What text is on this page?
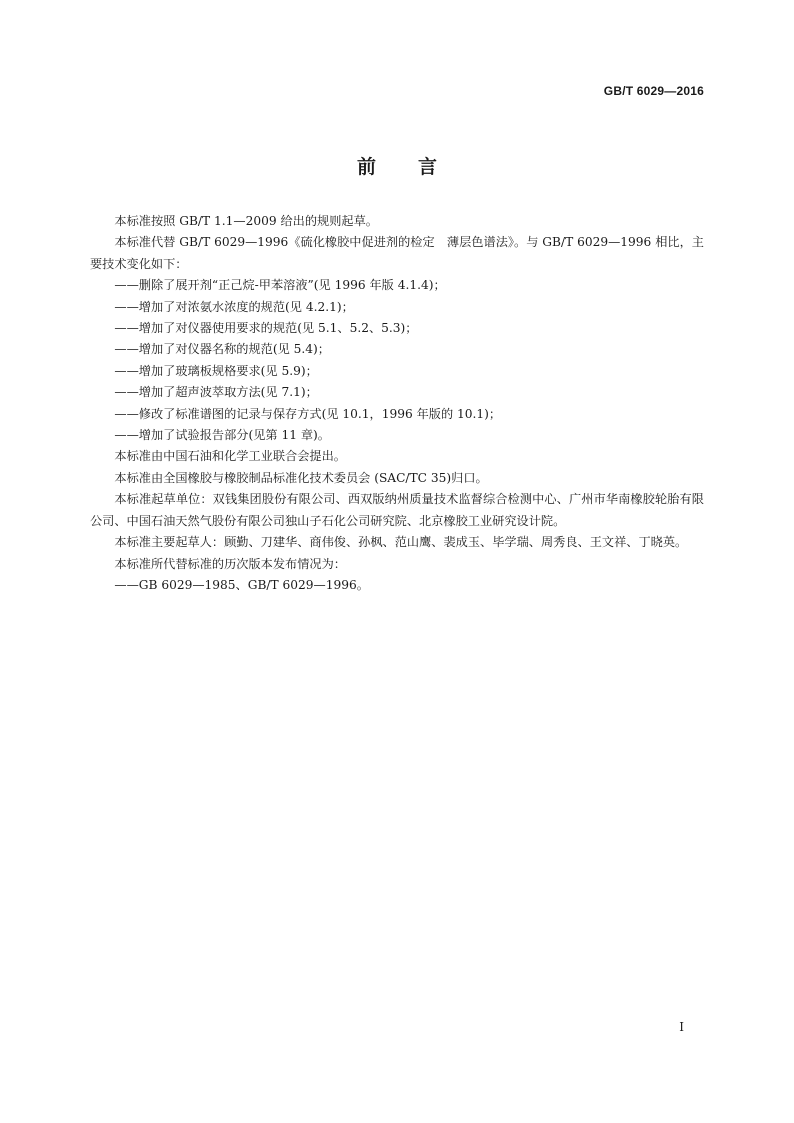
GB/T 6029—2016
前 言

本标准按照 GB/T 1.1—2009 给出的规则起草。

本标准代替 GB/T 6029—1996《硫化橡胶中促进剂的检定　薄层色谱法》。与 GB/T 6029—1996 相比，主要技术变化如下：

——删除了展开剂“正己烷-甲苯溶液”(见 1996 年版 4.1.4)；

——增加了对浓氨水浓度的规范(见 4.2.1)；

——增加了对仪器使用要求的规范(见 5.1、5.2、5.3)；

——增加了对仪器名称的规范(见 5.4)；

——增加了玻璃板规格要求(见 5.9)；

——增加了超声波萃取方法(见 7.1)；

——修改了标准谱图的记录与保存方式(见 10.1，1996 年版的 10.1)；

——增加了试验报告部分(见第 11 章)。

本标准由中国石油和化学工业联合会提出。

本标准由全国橡胶与橡胶制品标准化技术委员会 (SAC/TC 35)归口。

本标准起草单位：双钱集团股份有限公司、西双版纳州质量技术监督综合检测中心、广州市华南橡胶轮胎有限公司、中国石油天然气股份有限公司独山子石化公司研究院、北京橡胶工业研究设计院。

本标准主要起草人：顾勤、刀建华、商伟俊、孙枫、范山鹰、裴成玉、毕学瑞、周秀良、王文祥、丁晓英。

本标准所代替标准的历次版本发布情况为：

——GB 6029—1985、GB/T 6029—1996。

I
